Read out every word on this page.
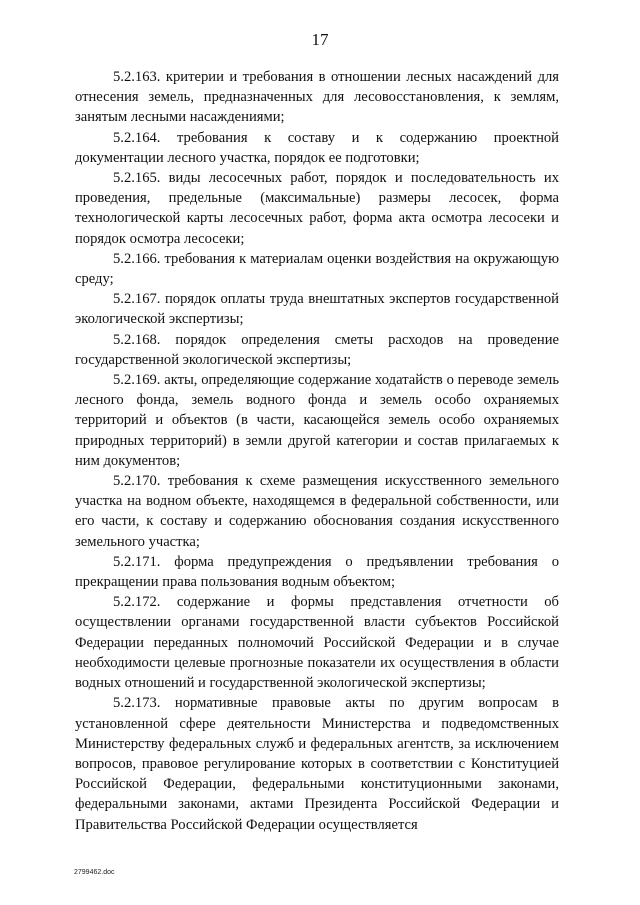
17

5.2.163. критерии и требования в отношении лесных насаждений для отнесения земель, предназначенных для лесовосстановления, к землям, занятым лесными насаждениями;

5.2.164. требования к составу и к содержанию проектной документации лесного участка, порядок ее подготовки;

5.2.165. виды лесосечных работ, порядок и последовательность их проведения, предельные (максимальные) размеры лесосек, форма технологической карты лесосечных работ, форма акта осмотра лесосеки и порядок осмотра лесосеки;

5.2.166. требования к материалам оценки воздействия на окружающую среду;

5.2.167. порядок оплаты труда внештатных экспертов государственной экологической экспертизы;

5.2.168. порядок определения сметы расходов на проведение государственной экологической экспертизы;

5.2.169. акты, определяющие содержание ходатайств о переводе земель лесного фонда, земель водного фонда и земель особо охраняемых территорий и объектов (в части, касающейся земель особо охраняемых природных территорий) в земли другой категории и состав прилагаемых к ним документов;

5.2.170. требования к схеме размещения искусственного земельного участка на водном объекте, находящемся в федеральной собственности, или его части, к составу и содержанию обоснования создания искусственного земельного участка;

5.2.171. форма предупреждения о предъявлении требования о прекращении права пользования водным объектом;

5.2.172. содержание и формы представления отчетности об осуществлении органами государственной власти субъектов Российской Федерации переданных полномочий Российской Федерации и в случае необходимости целевые прогнозные показатели их осуществления в области водных отношений и государственной экологической экспертизы;

5.2.173. нормативные правовые акты по другим вопросам в установленной сфере деятельности Министерства и подведомственных Министерству федеральных служб и федеральных агентств, за исключением вопросов, правовое регулирование которых в соответствии с Конституцией Российской Федерации, федеральными конституционными законами, федеральными законами, актами Президента Российской Федерации и Правительства Российской Федерации осуществляется

2799462.doc
